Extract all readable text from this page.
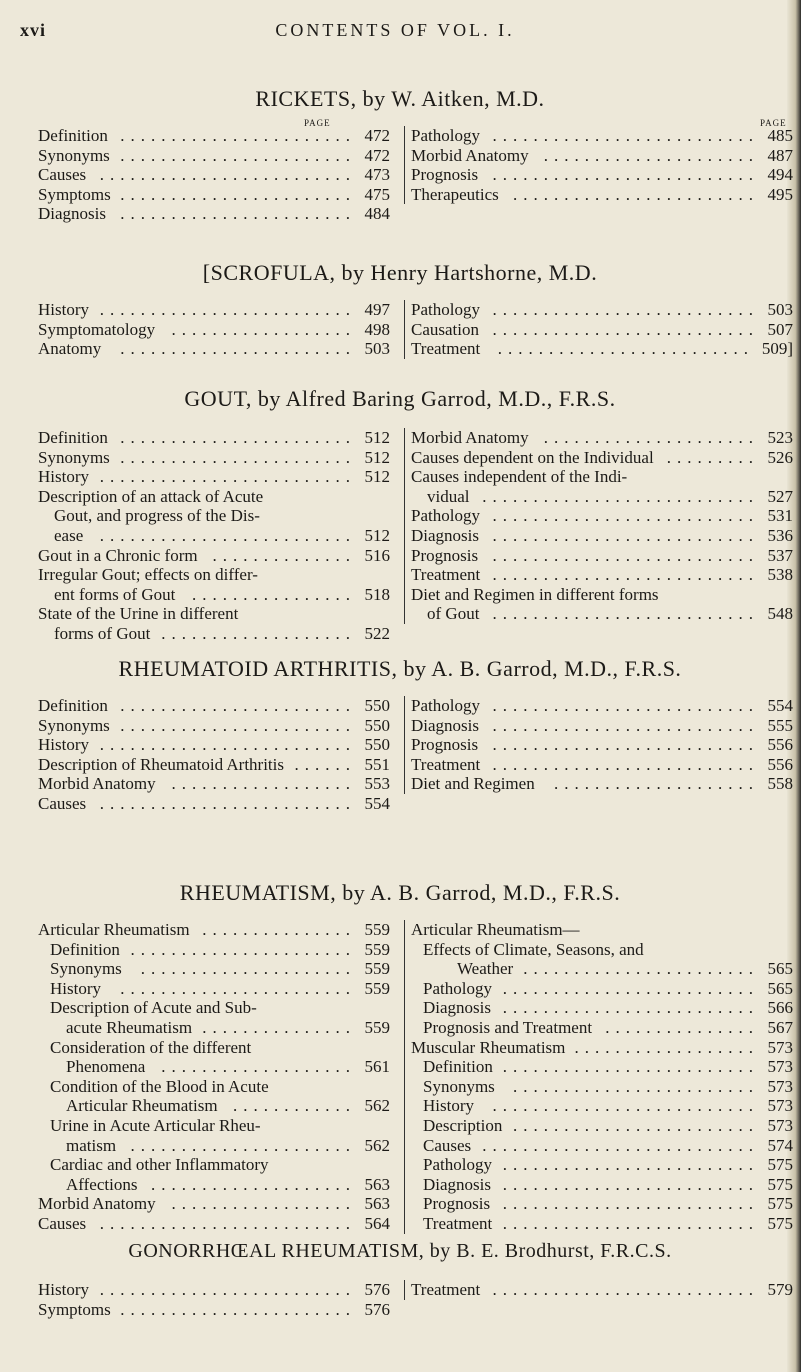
xvi	CONTENTS OF VOL. I.
RICKETS, by W. Aitken, M.D.
PAGE	PAGE
Definition	472
.......................
Synonyms	472
.......................
Causes	473
.........................
Symptoms	475
.......................
Diagnosis	484
.......................
Pathology	485
..........................
Morbid Anatomy	487
.....................
Prognosis	494
..........................
Therapeutics	495
........................
[SCROFULA, by Henry Hartshorne, M.D.
History	497
.........................
Symptomatology	498
..................
Anatomy	503
.......................
Pathology	503
..........................
Causation	507
..........................
Treatment	509]
.........................
GOUT, by Alfred Baring Garrod, M.D., F.R.S.
Definition	512
.......................
Synonyms	512
.......................
History	512
.........................
Description of an attack of Acute
Gout, and progress of the Dis-
ease	512
.........................
Gout in a Chronic form	516
..............
Irregular Gout; effects on differ-
ent forms of Gout	518
................
State of the Urine in different
forms of Gout	522
...................
Morbid Anatomy	523
.....................
Causes dependent on the Individual	526
.........
Causes independent of the Indi-
vidual	527
...........................
Pathology	531
..........................
Diagnosis	536
..........................
Prognosis	537
..........................
Treatment	538
..........................
Diet and Regimen in different forms
of Gout	548
..........................
RHEUMATOID ARTHRITIS, by A. B. Garrod, M.D., F.R.S.
Definition	550
.......................
Synonyms	550
.......................
History	550
.........................
Description of Rheumatoid Arthritis	551
......
Morbid Anatomy	553
..................
Causes	554
.........................
Pathology	554
..........................
Diagnosis	555
..........................
Prognosis	556
..........................
Treatment	556
..........................
Diet and Regimen	558
....................
RHEUMATISM, by A. B. Garrod, M.D., F.R.S.
Articular Rheumatism	559
...............
Definition	559
......................
Synonyms	559
.....................
History	559
.......................
Description of Acute and Sub-
acute Rheumatism	559
...............
Consideration of the different
Phenomena	561
...................
Condition of the Blood in Acute
Articular Rheumatism	562
............
Urine in Acute Articular Rheu-
matism	562
......................
Cardiac and other Inflammatory
Affections	563
....................
Morbid Anatomy	563
..................
Causes	564
.........................
Articular Rheumatism—
Effects of Climate, Seasons, and
Weather	565
.......................
Pathology	565
.........................
Diagnosis	566
.........................
Prognosis and Treatment	567
...............
Muscular Rheumatism	573
..................
Definition	573
.........................
Synonyms	573
........................
History	573
..........................
Description	573
........................
Causes	574
...........................
Pathology	575
.........................
Diagnosis	575
.........................
Prognosis	575
.........................
Treatment	575
.........................
GONORRHŒAL RHEUMATISM, by B. E. Brodhurst, F.R.C.S.
History	576
.........................
Symptoms	576
.......................
Treatment	579
..........................
